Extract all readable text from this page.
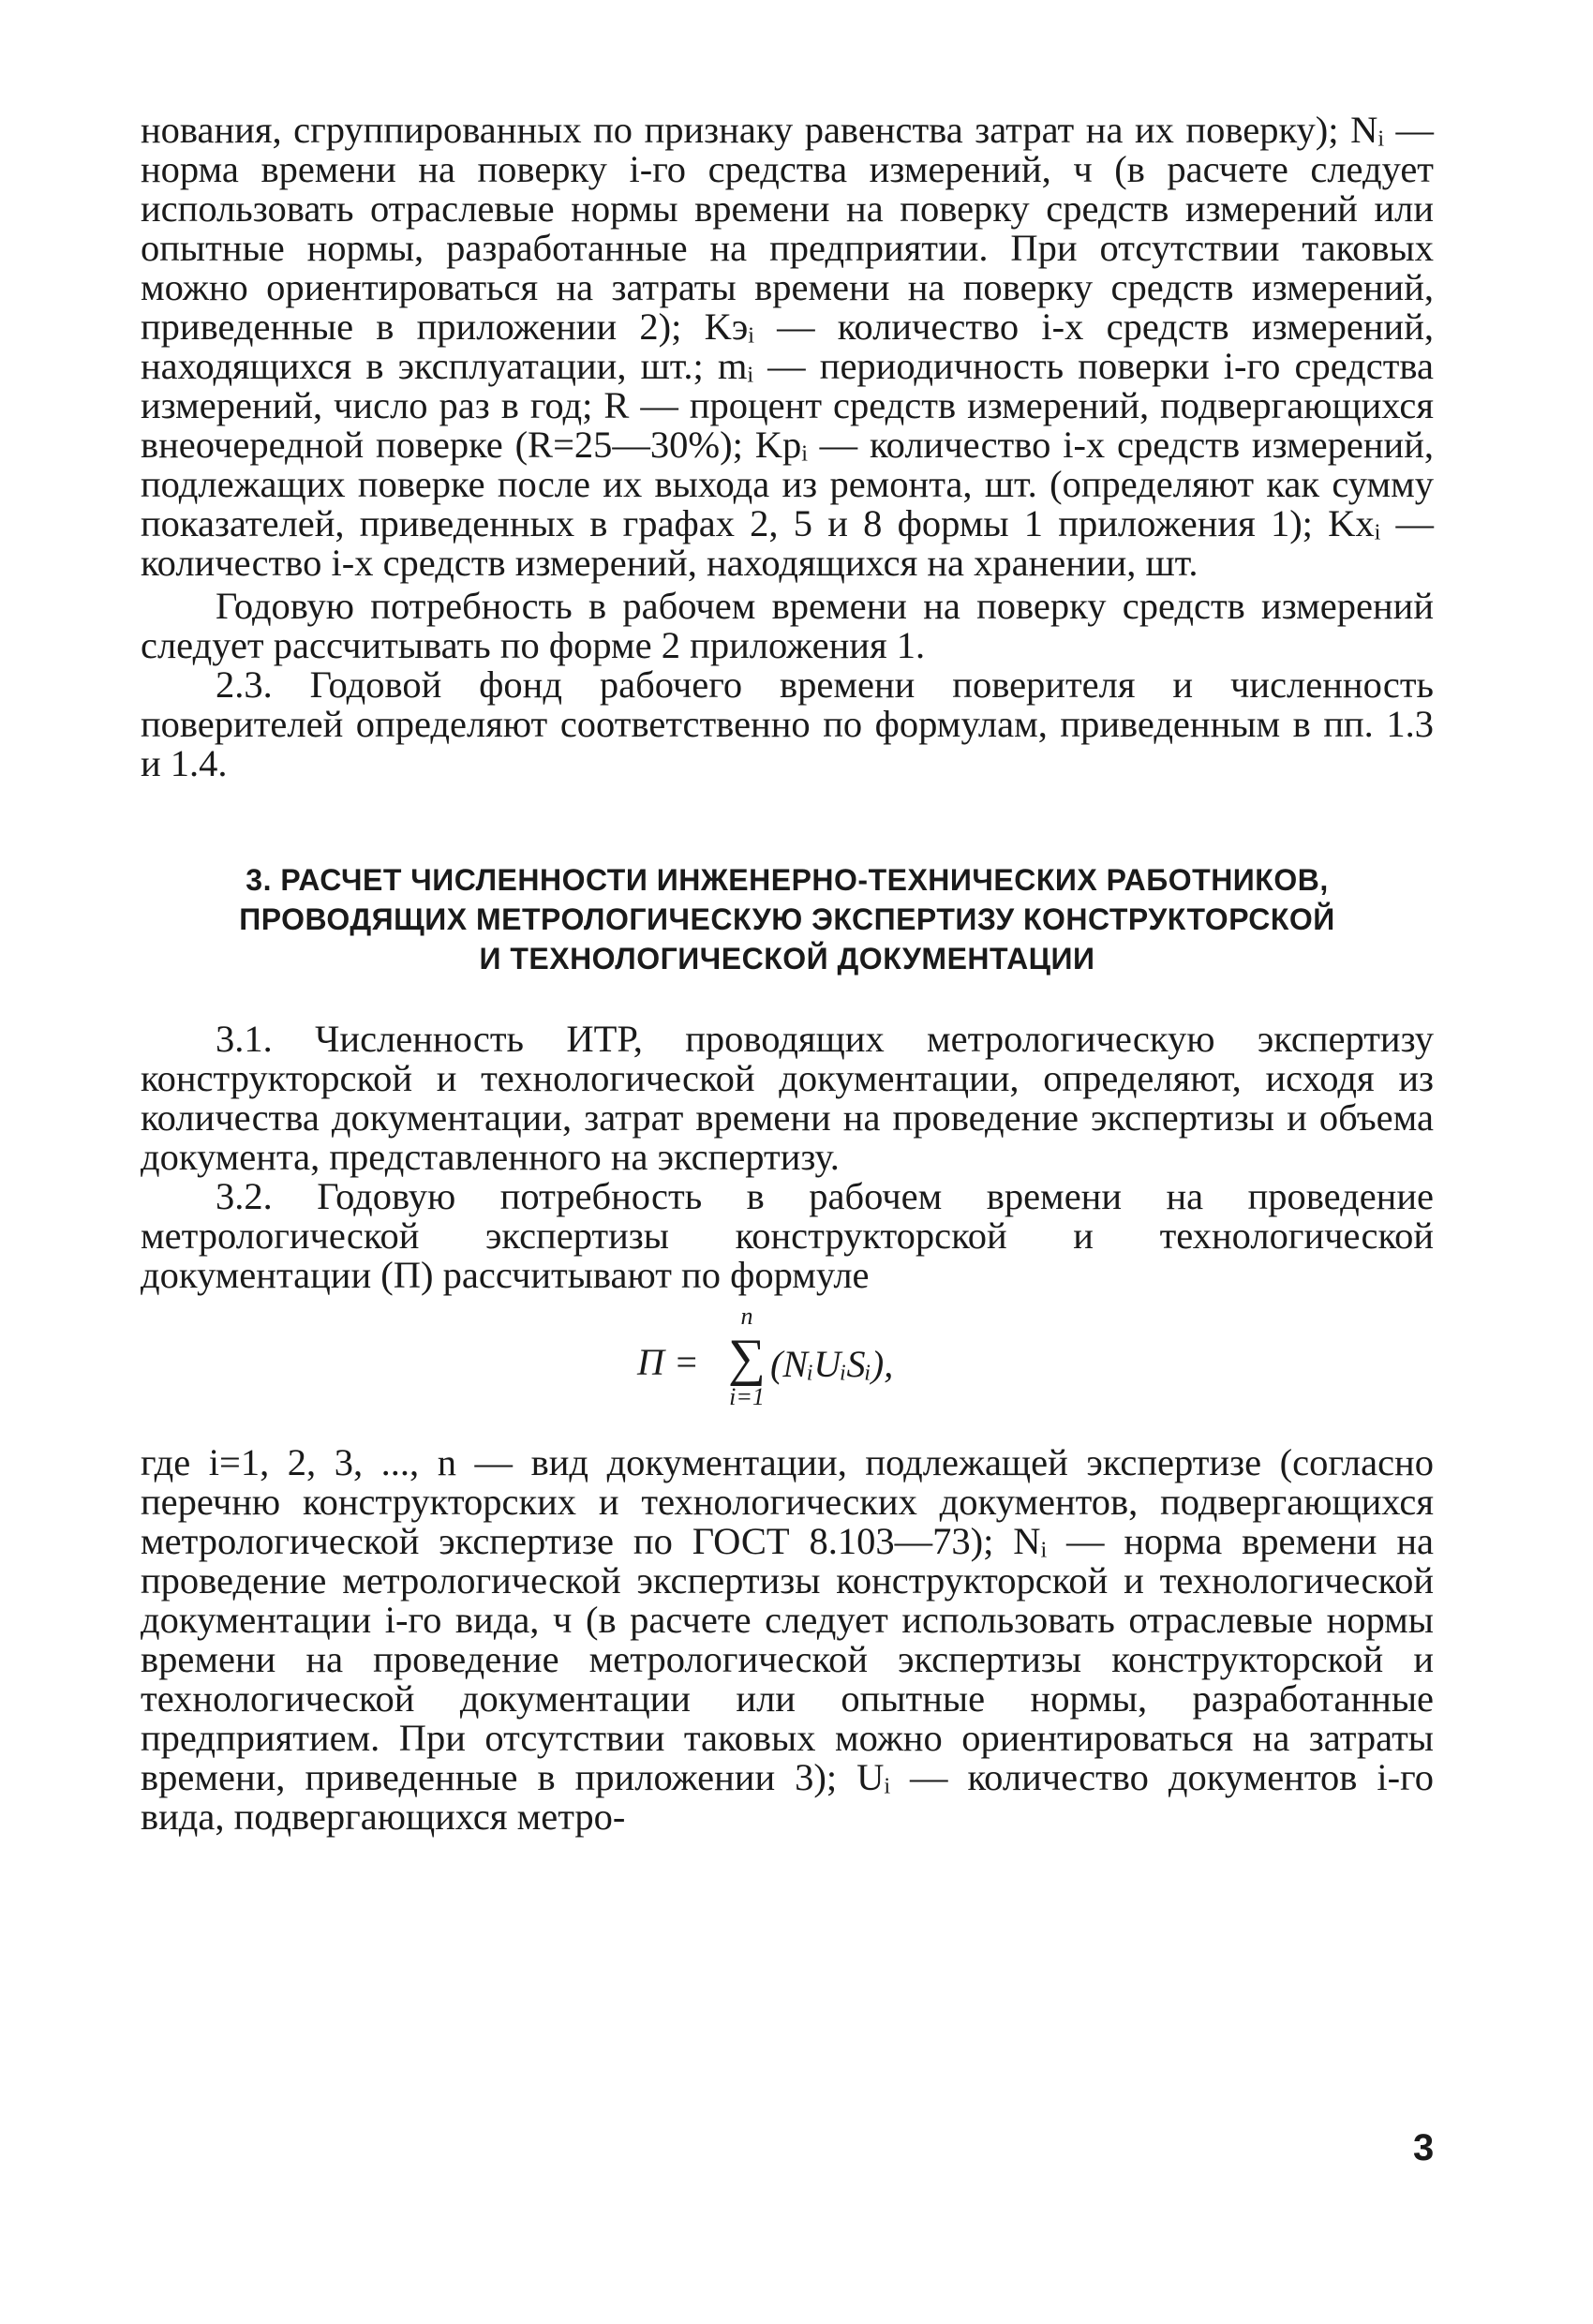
нования, сгруппированных по признаку равенства затрат на их поверку); Nᵢ — норма времени на поверку i-го средства измерений, ч (в расчете следует использовать отраслевые нормы времени на поверку средств измерений или опытные нормы, разработанные на предприятии. При отсутствии таковых можно ориентироваться на затраты времени на поверку средств измерений, приведенные в приложении 2); Kэᵢ — количество i-х средств измерений, находящихся в эксплуатации, шт.; mᵢ — периодичность поверки i-го средства измерений, число раз в год; R — процент средств измерений, подвергающихся внеочередной поверке (R=25—30%); Kрᵢ — количество i-х средств измерений, подлежащих поверке после их выхода из ремонта, шт. (определяют как сумму показателей, приведенных в графах 2, 5 и 8 формы 1 приложения 1); Kхᵢ —количество i-х средств измерений, находящихся на хранении, шт.

Годовую потребность в рабочем времени на поверку средств измерений следует рассчитывать по форме 2 приложения 1.

2.3. Годовой фонд рабочего времени поверителя и численность поверителей определяют соответственно по формулам, приведенным в пп. 1.3 и 1.4.

3. РАСЧЕТ ЧИСЛЕННОСТИ ИНЖЕНЕРНО-ТЕХНИЧЕСКИХ РАБОТНИКОВ,
ПРОВОДЯЩИХ МЕТРОЛОГИЧЕСКУЮ ЭКСПЕРТИЗУ КОНСТРУКТОРСКОЙ
И ТЕХНОЛОГИЧЕСКОЙ ДОКУМЕНТАЦИИ

3.1. Численность ИТР, проводящих метрологическую экспертизу конструкторской и технологической документации, определяют, исходя из количества документации, затрат времени на проведение экспертизы и объема документа, представленного на экспертизу.

3.2. Годовую потребность в рабочем времени на проведение метрологической экспертизы конструкторской и технологической документации (П) рассчитывают по формуле

П =
n
∑
i=1
(NᵢUᵢSᵢ),

где i=1, 2, 3, ..., n — вид документации, подлежащей экспертизе (согласно перечню конструкторских и технологических документов, подвергающихся метрологической экспертизе по ГОСТ 8.103—73); Nᵢ — норма времени на проведение метрологической экспертизы конструкторской и технологической документации i-го вида, ч (в расчете следует использовать отраслевые нормы времени на проведение метрологической экспертизы конструкторской и технологической документации или опытные нормы, разработанные предприятием. При отсутствии таковых можно ориентироваться на затраты времени, приведенные в приложении 3); Uᵢ — количество документов i-го вида, подвергающихся метро-

3
